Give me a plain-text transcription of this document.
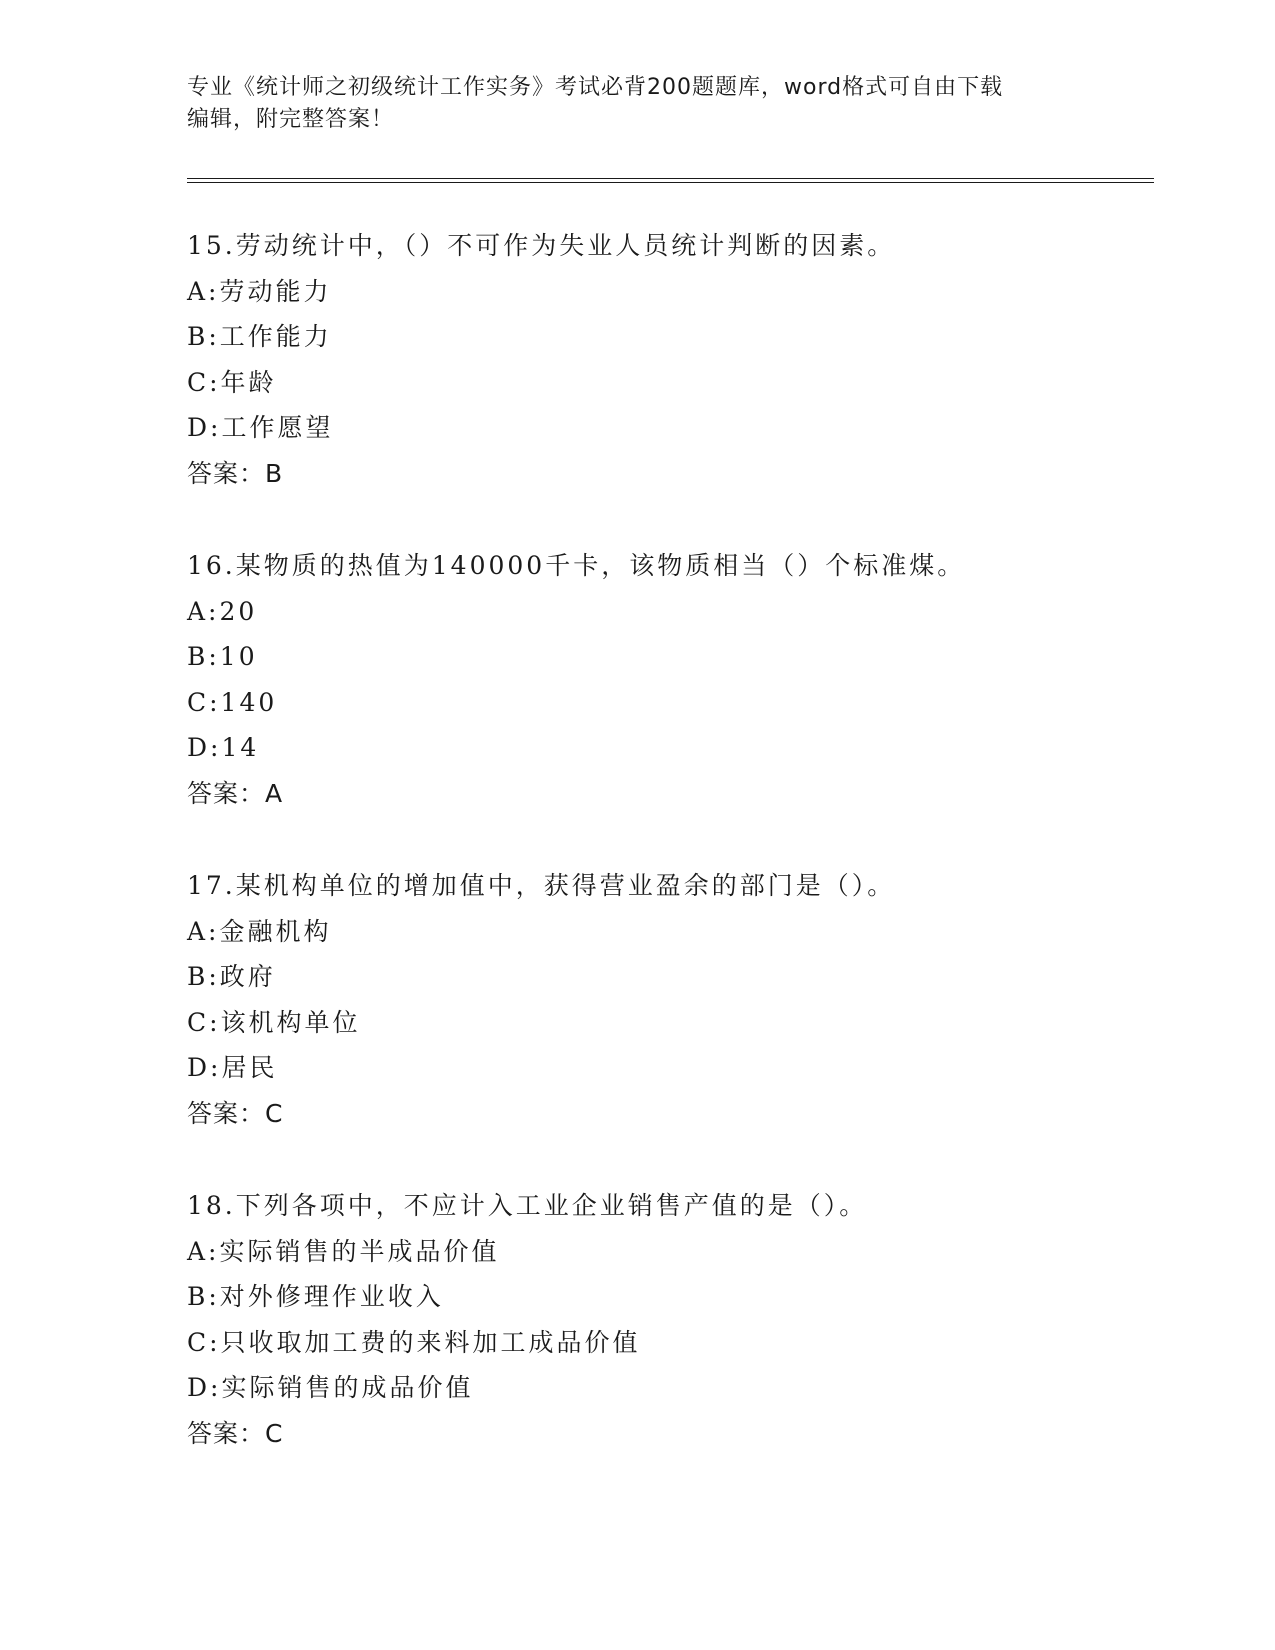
专业《统计师之初级统计工作实务》考试必背200题题库，word格式可自由下载
编辑，附完整答案！
15.劳动统计中，（）不可作为失业人员统计判断的因素。
A:劳动能力
B:工作能力
C:年龄
D:工作愿望
答案：B
16.某物质的热值为140000千卡，该物质相当（）个标准煤。
A:20
B:10
C:140
D:14
答案：A
17.某机构单位的增加值中，获得营业盈余的部门是（）。
A:金融机构
B:政府
C:该机构单位
D:居民
答案：C
18.下列各项中，不应计入工业企业销售产值的是（）。
A:实际销售的半成品价值
B:对外修理作业收入
C:只收取加工费的来料加工成品价值
D:实际销售的成品价值
答案：C
